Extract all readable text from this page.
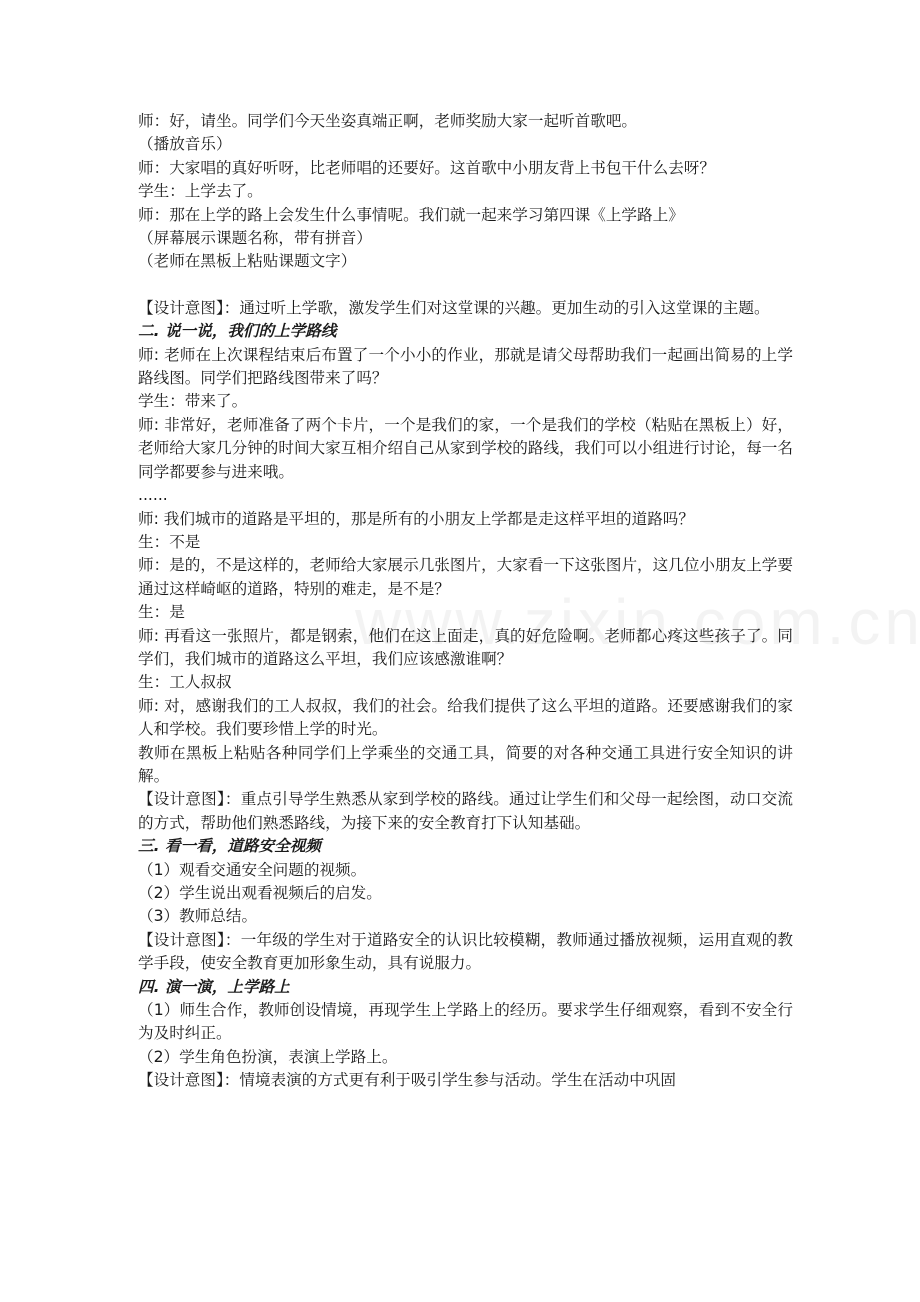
师：好，请坐。同学们今天坐姿真端正啊，老师奖励大家一起听首歌吧。

（播放音乐）

师：大家唱的真好听呀，比老师唱的还要好。这首歌中小朋友背上书包干什么去呀？

学生：上学去了。

师：那在上学的路上会发生什么事情呢。我们就一起来学习第四课《上学路上》

（屏幕展示课题名称，带有拼音）

（老师在黑板上粘贴课题文字）

【设计意图】：通过听上学歌，激发学生们对这堂课的兴趣。更加生动的引入这堂课的主题。

二. 说一说，我们的上学路线

师: 老师在上次课程结束后布置了一个小小的作业，那就是请父母帮助我们一起画出简易的上学路线图。同学们把路线图带来了吗？

学生：带来了。

师: 非常好，老师准备了两个卡片，一个是我们的家，一个是我们的学校（粘贴在黑板上）好，老师给大家几分钟的时间大家互相介绍自己从家到学校的路线，我们可以小组进行讨论，每一名同学都要参与进来哦。

......

师: 我们城市的道路是平坦的，那是所有的小朋友上学都是走这样平坦的道路吗？

生：不是

师：是的，不是这样的，老师给大家展示几张图片，大家看一下这张图片，这几位小朋友上学要通过这样崎岖的道路，特别的难走，是不是？

生：是

师: 再看这一张照片，都是钢索，他们在这上面走，真的好危险啊。老师都心疼这些孩子了。同学们，我们城市的道路这么平坦，我们应该感激谁啊？

生：工人叔叔

师: 对，感谢我们的工人叔叔，我们的社会。给我们提供了这么平坦的道路。还要感谢我们的家人和学校。我们要珍惜上学的时光。

教师在黑板上粘贴各种同学们上学乘坐的交通工具，简要的对各种交通工具进行安全知识的讲解。

【设计意图】：重点引导学生熟悉从家到学校的路线。通过让学生们和父母一起绘图，动口交流的方式，帮助他们熟悉路线，为接下来的安全教育打下认知基础。

三. 看一看，道路安全视频

（1）观看交通安全问题的视频。

（2）学生说出观看视频后的启发。

（3）教师总结。

【设计意图】：一年级的学生对于道路安全的认识比较模糊，教师通过播放视频，运用直观的教学手段，使安全教育更加形象生动，具有说服力。

四. 演一演，上学路上

（1）师生合作，教师创设情境，再现学生上学路上的经历。要求学生仔细观察，看到不安全行为及时纠正。

（2）学生角色扮演，表演上学路上。

【设计意图】：情境表演的方式更有利于吸引学生参与活动。学生在活动中巩固
